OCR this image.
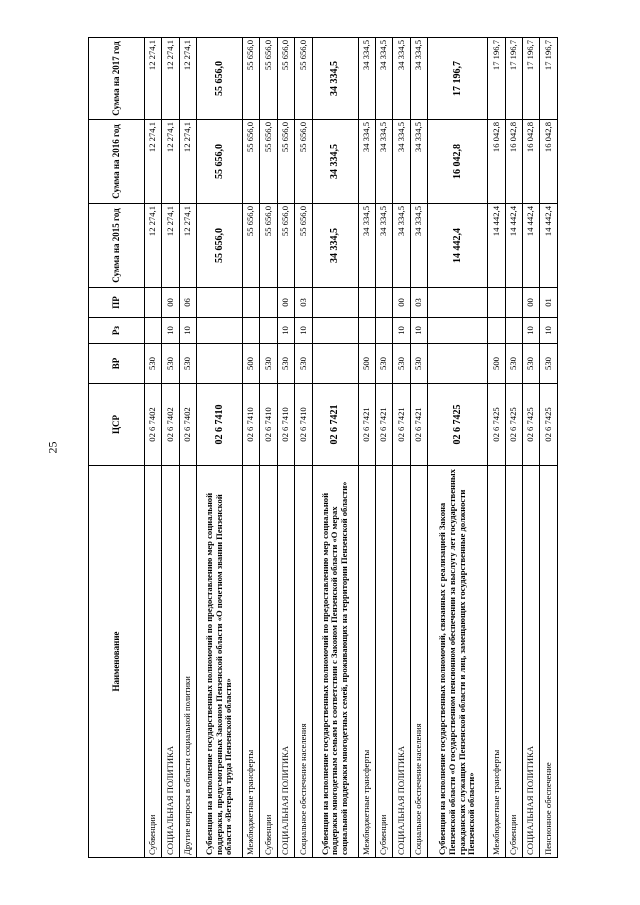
25
Наименование	ЦСР	ВР	Рз	ПР	Сумма на 2015 год	Сумма на 2016 год	Сумма на 2017 год
Субвенции	02 6 7402	530			12 274,1	12 274,1	12 274,1
СОЦИАЛЬНАЯ ПОЛИТИКА	02 6 7402	530	10	00	12 274,1	12 274,1	12 274,1
Другие вопросы в области социальной политики	02 6 7402	530	10	06	12 274,1	12 274,1	12 274,1
Субвенции на исполнение государственных полномочий по предоставлению мер социальной поддержки, предусмотренных Законом Пензенской области «О почетном звании Пензенской области «Ветеран труда Пензенской области»	02 6 7410				55 656,0	55 656,0	55 656,0
Межбюджетные трансферты	02 6 7410	500			55 656,0	55 656,0	55 656,0
Субвенции	02 6 7410	530			55 656,0	55 656,0	55 656,0
СОЦИАЛЬНАЯ ПОЛИТИКА	02 6 7410	530	10	00	55 656,0	55 656,0	55 656,0
Социальное обеспечение населения	02 6 7410	530	10	03	55 656,0	55 656,0	55 656,0
Субвенции на исполнение государственных полномочий по предоставлению мер социальной поддержки многодетным семьям в соответствии с Законом Пензенской области «О мерах социальной поддержки многодетных семей, проживающих на территории Пензенской области»	02 6 7421				34 334,5	34 334,5	34 334,5
Межбюджетные трансферты	02 6 7421	500			34 334,5	34 334,5	34 334,5
Субвенции	02 6 7421	530			34 334,5	34 334,5	34 334,5
СОЦИАЛЬНАЯ ПОЛИТИКА	02 6 7421	530	10	00	34 334,5	34 334,5	34 334,5
Социальное обеспечение населения	02 6 7421	530	10	03	34 334,5	34 334,5	34 334,5
Субвенции на исполнение государственных полномочий, связанных с реализацией Закона Пензенской области «О государственном пенсионном обеспечении за выслугу лет государственных гражданских служащих Пензенской области и лиц, замещающих государственные должности Пензенской области»	02 6 7425				14 442,4	16 042,8	17 196,7
Межбюджетные трансферты	02 6 7425	500			14 442,4	16 042,8	17 196,7
Субвенции	02 6 7425	530			14 442,4	16 042,8	17 196,7
СОЦИАЛЬНАЯ ПОЛИТИКА	02 6 7425	530	10	00	14 442,4	16 042,8	17 196,7
Пенсионное обеспечение	02 6 7425	530	10	01	14 442,4	16 042,8	17 196,7
